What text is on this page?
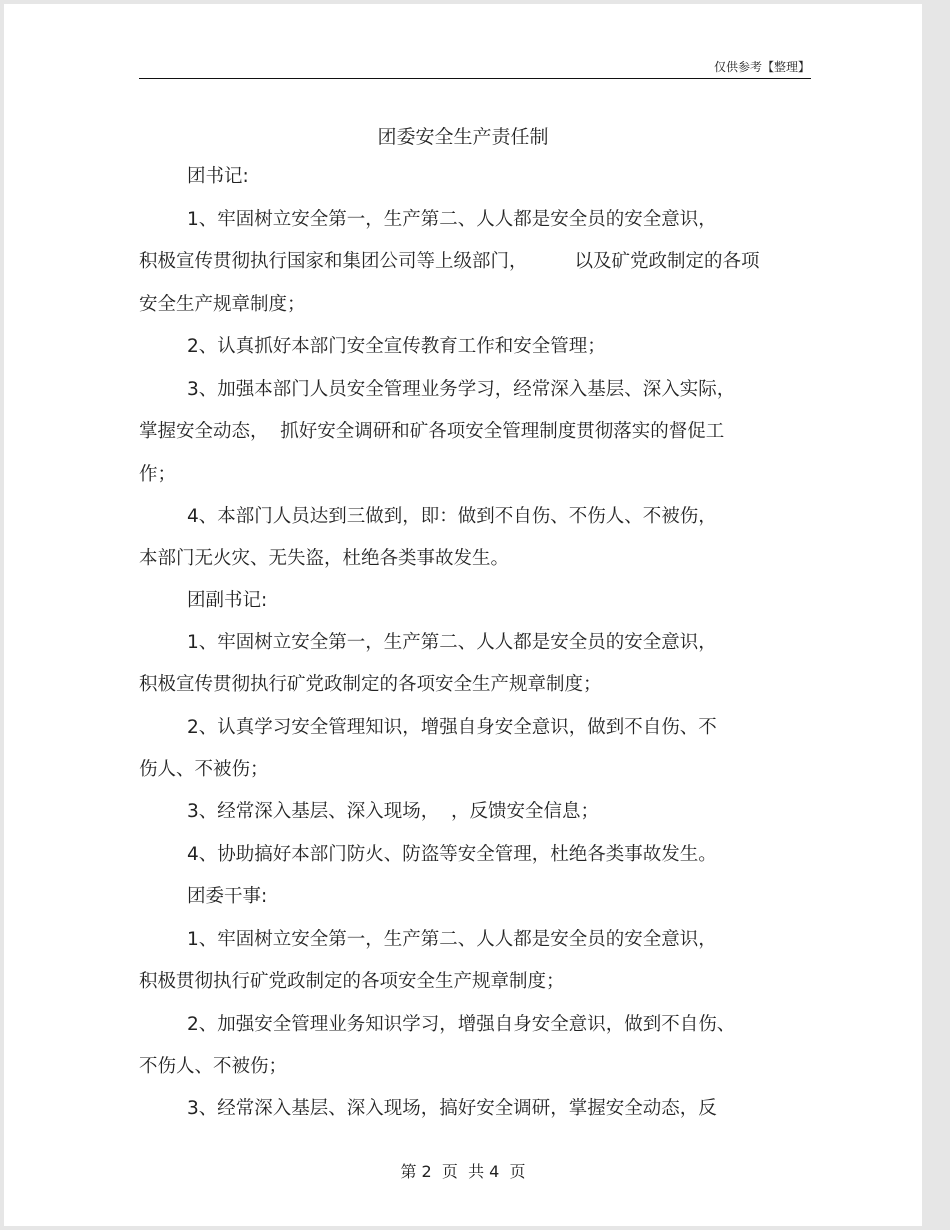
仅供参考【整理】
团委安全生产责任制
团书记:
1、牢固树立安全第一，生产第二、人人都是安全员的安全意识，
积极宣传贯彻执行国家和集团公司等上级部门，        以及矿党政制定的各项
安全生产规章制度；
2、认真抓好本部门安全宣传教育工作和安全管理；
3、加强本部门人员安全管理业务学习，经常深入基层、深入实际，
掌握安全动态，  抓好安全调研和矿各项安全管理制度贯彻落实的督促工
作；
4、本部门人员达到三做到，即：做到不自伤、不伤人、不被伤，
本部门无火灾、无失盗，杜绝各类事故发生。
团副书记:
1、牢固树立安全第一，生产第二、人人都是安全员的安全意识，
积极宣传贯彻执行矿党政制定的各项安全生产规章制度；
2、认真学习安全管理知识，增强自身安全意识，做到不自伤、不
伤人、不被伤；
3、经常深入基层、深入现场，  ，反馈安全信息；
4、协助搞好本部门防火、防盗等安全管理，杜绝各类事故发生。
团委干事:
1、牢固树立安全第一，生产第二、人人都是安全员的安全意识，
积极贯彻执行矿党政制定的各项安全生产规章制度；
2、加强安全管理业务知识学习，增强自身安全意识，做到不自伤、
不伤人、不被伤；
3、经常深入基层、深入现场，搞好安全调研，掌握安全动态，反
第 2  页  共 4  页
